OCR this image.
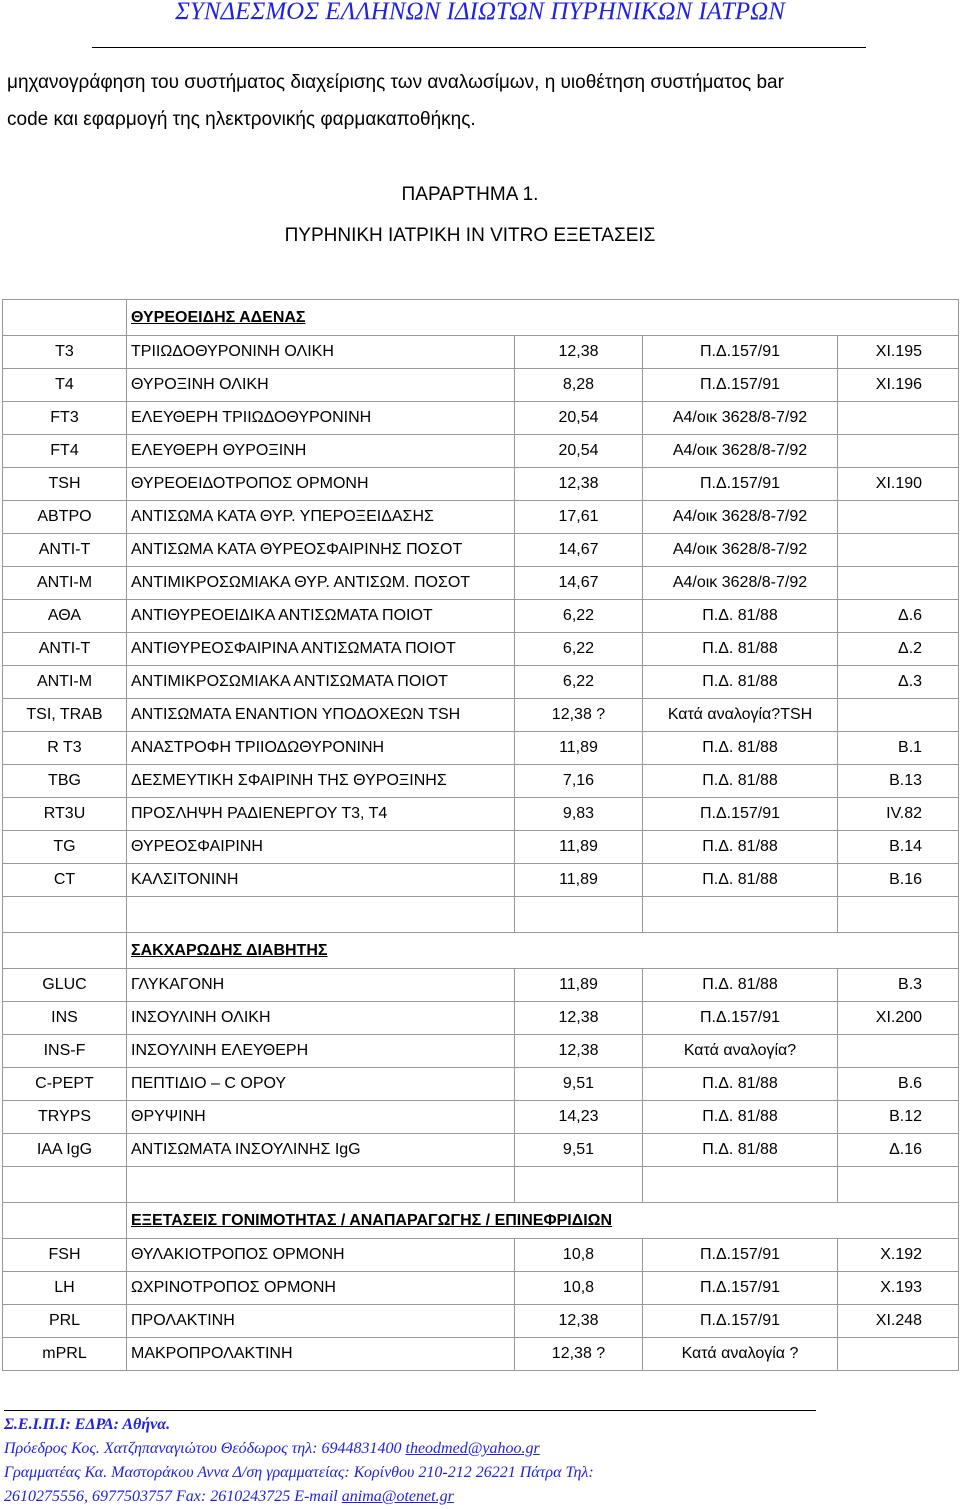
ΣΥΝΔΕΣΜΟΣ ΕΛΛΗΝΩΝ ΙΔΙΩΤΩΝ ΠΥΡΗΝΙΚΩΝ ΙΑΤΡΩΝ
μηχανογράφηση του συστήματος διαχείρισης των αναλωσίμων, η υιοθέτηση συστήματος bar
code και εφαρμογή της ηλεκτρονικής φαρμακαποθήκης.
ΠΑΡΑΡΤΗΜΑ 1.
ΠΥΡΗΝΙΚΗ ΙΑΤΡΙΚΗ IN VITRO ΕΞΕΤΑΣΕΙΣ
	ΘΥΡΕΟΕΙΔΗΣ ΑΔΕΝΑΣ			
T3	ΤΡΙΙΩΔΟΘΥΡΟΝΙΝΗ ΟΛΙΚΗ	12,38	Π.Δ.157/91	XI.195
T4	ΘΥΡΟΞΙΝΗ ΟΛΙΚΗ	8,28	Π.Δ.157/91	XI.196
FT3	ΕΛΕΥΘΕΡΗ ΤΡΙΙΩΔΟΘΥΡΟΝΙΝΗ	20,54	Α4/οικ 3628/8-7/92	
FT4	ΕΛΕΥΘΕΡΗ ΘΥΡΟΞΙΝΗ	20,54	Α4/οικ 3628/8-7/92	
TSH	ΘΥΡΕΟΕΙΔΟΤΡΟΠΟΣ ΟΡΜΟΝΗ	12,38	Π.Δ.157/91	XI.190
ABTPO	ΑΝΤΙΣΩΜΑ ΚΑΤΑ ΘΥΡ. ΥΠΕΡΟΞΕΙΔΑΣΗΣ	17,61	Α4/οικ 3628/8-7/92	
ANTI-T	ΑΝΤΙΣΩΜΑ ΚΑΤΑ ΘΥΡΕΟΣΦΑΙΡΙΝΗΣ ΠΟΣΟΤ	14,67	Α4/οικ 3628/8-7/92	
ANTI-M	ΑΝΤΙΜΙΚΡΟΣΩΜΙΑΚΑ ΘΥΡ. ΑΝΤΙΣΩΜ. ΠΟΣΟΤ	14,67	Α4/οικ 3628/8-7/92	
ΑΘΑ	ΑΝΤΙΘΥΡΕΟΕΙΔΙΚΑ ΑΝΤΙΣΩΜΑΤΑ ΠΟΙΟΤ	6,22	Π.Δ. 81/88	Δ.6
ANTI-T	ΑΝΤΙΘΥΡΕΟΣΦΑΙΡΙΝΑ ΑΝΤΙΣΩΜΑΤΑ ΠΟΙΟΤ	6,22	Π.Δ. 81/88	Δ.2
ANTI-M	ΑΝΤΙΜΙΚΡΟΣΩΜΙΑΚΑ ΑΝΤΙΣΩΜΑΤΑ ΠΟΙΟΤ	6,22	Π.Δ. 81/88	Δ.3
TSI, TRAB	ΑΝΤΙΣΩΜΑΤΑ ΕΝΑΝΤΙΟΝ ΥΠΟΔΟΧΕΩΝ TSH	12,38 ?	Κατά αναλογία?TSH	
R T3	ΑΝΑΣΤΡΟΦΗ ΤΡΙΙΟΔΩΘΥΡΟΝΙΝΗ	11,89	Π.Δ. 81/88	B.1
TBG	ΔΕΣΜΕΥΤΙΚΗ ΣΦΑΙΡΙΝΗ ΤΗΣ ΘΥΡΟΞΙΝΗΣ	7,16	Π.Δ. 81/88	B.13
RT3U	ΠΡΟΣΛΗΨΗ ΡΑΔΙΕΝΕΡΓΟΥ Τ3, Τ4	9,83	Π.Δ.157/91	IV.82
TG	ΘΥΡΕΟΣΦΑΙΡΙΝΗ	11,89	Π.Δ. 81/88	B.14
CT	ΚΑΛΣΙΤΟΝΙΝΗ	11,89	Π.Δ. 81/88	B.16

	ΣΑΚΧΑΡΩΔΗΣ ΔΙΑΒΗΤΗΣ			
GLUC	ΓΛΥΚΑΓΟΝΗ	11,89	Π.Δ. 81/88	B.3
INS	ΙΝΣΟΥΛΙΝΗ ΟΛΙΚΗ	12,38	Π.Δ.157/91	XI.200
INS-F	ΙΝΣΟΥΛΙΝΗ ΕΛΕΥΘΕΡΗ	12,38	Κατά αναλογία?	
C-PEPT	ΠΕΠΤΙΔΙΟ – C ΟΡΟΥ	9,51	Π.Δ. 81/88	B.6
TRYPS	ΘΡΥΨΙΝΗ	14,23	Π.Δ. 81/88	B.12
IAA IgG	ΑΝΤΙΣΩΜΑΤΑ ΙΝΣΟΥΛΙΝΗΣ IgG	9,51	Π.Δ. 81/88	Δ.16

	ΕΞΕΤΑΣΕΙΣ ΓΟΝΙΜΟΤΗΤΑΣ / ΑΝΑΠΑΡΑΓΩΓΗΣ / ΕΠΙΝΕΦΡΙΔΙΩΝ			
FSH	ΘΥΛΑΚΙΟΤΡΟΠΟΣ ΟΡΜΟΝΗ	10,8	Π.Δ.157/91	X.192
LH	ΩΧΡΙΝΟΤΡΟΠΟΣ ΟΡΜΟΝΗ	10,8	Π.Δ.157/91	X.193
PRL	ΠΡΟΛΑΚΤΙΝΗ	12,38	Π.Δ.157/91	XI.248
mPRL	ΜΑΚΡΟΠΡΟΛΑΚΤΙΝΗ	12,38 ?	Κατά αναλογία ?	
Σ.Ε.Ι.Π.Ι: ΕΔΡΑ: Αθήνα.
Πρόεδρος Κος. Χατζηπαναγιώτου Θεόδωρος τηλ: 6944831400 theodmed@yahoo.gr
Γραμματέας Κα. Μαστοράκου Αννα Δ/ση γραμματείας: Κορίνθου 210-212 26221 Πάτρα Τηλ:
2610275556, 6977503757 Fax: 2610243725 E-mail anima@otenet.gr
